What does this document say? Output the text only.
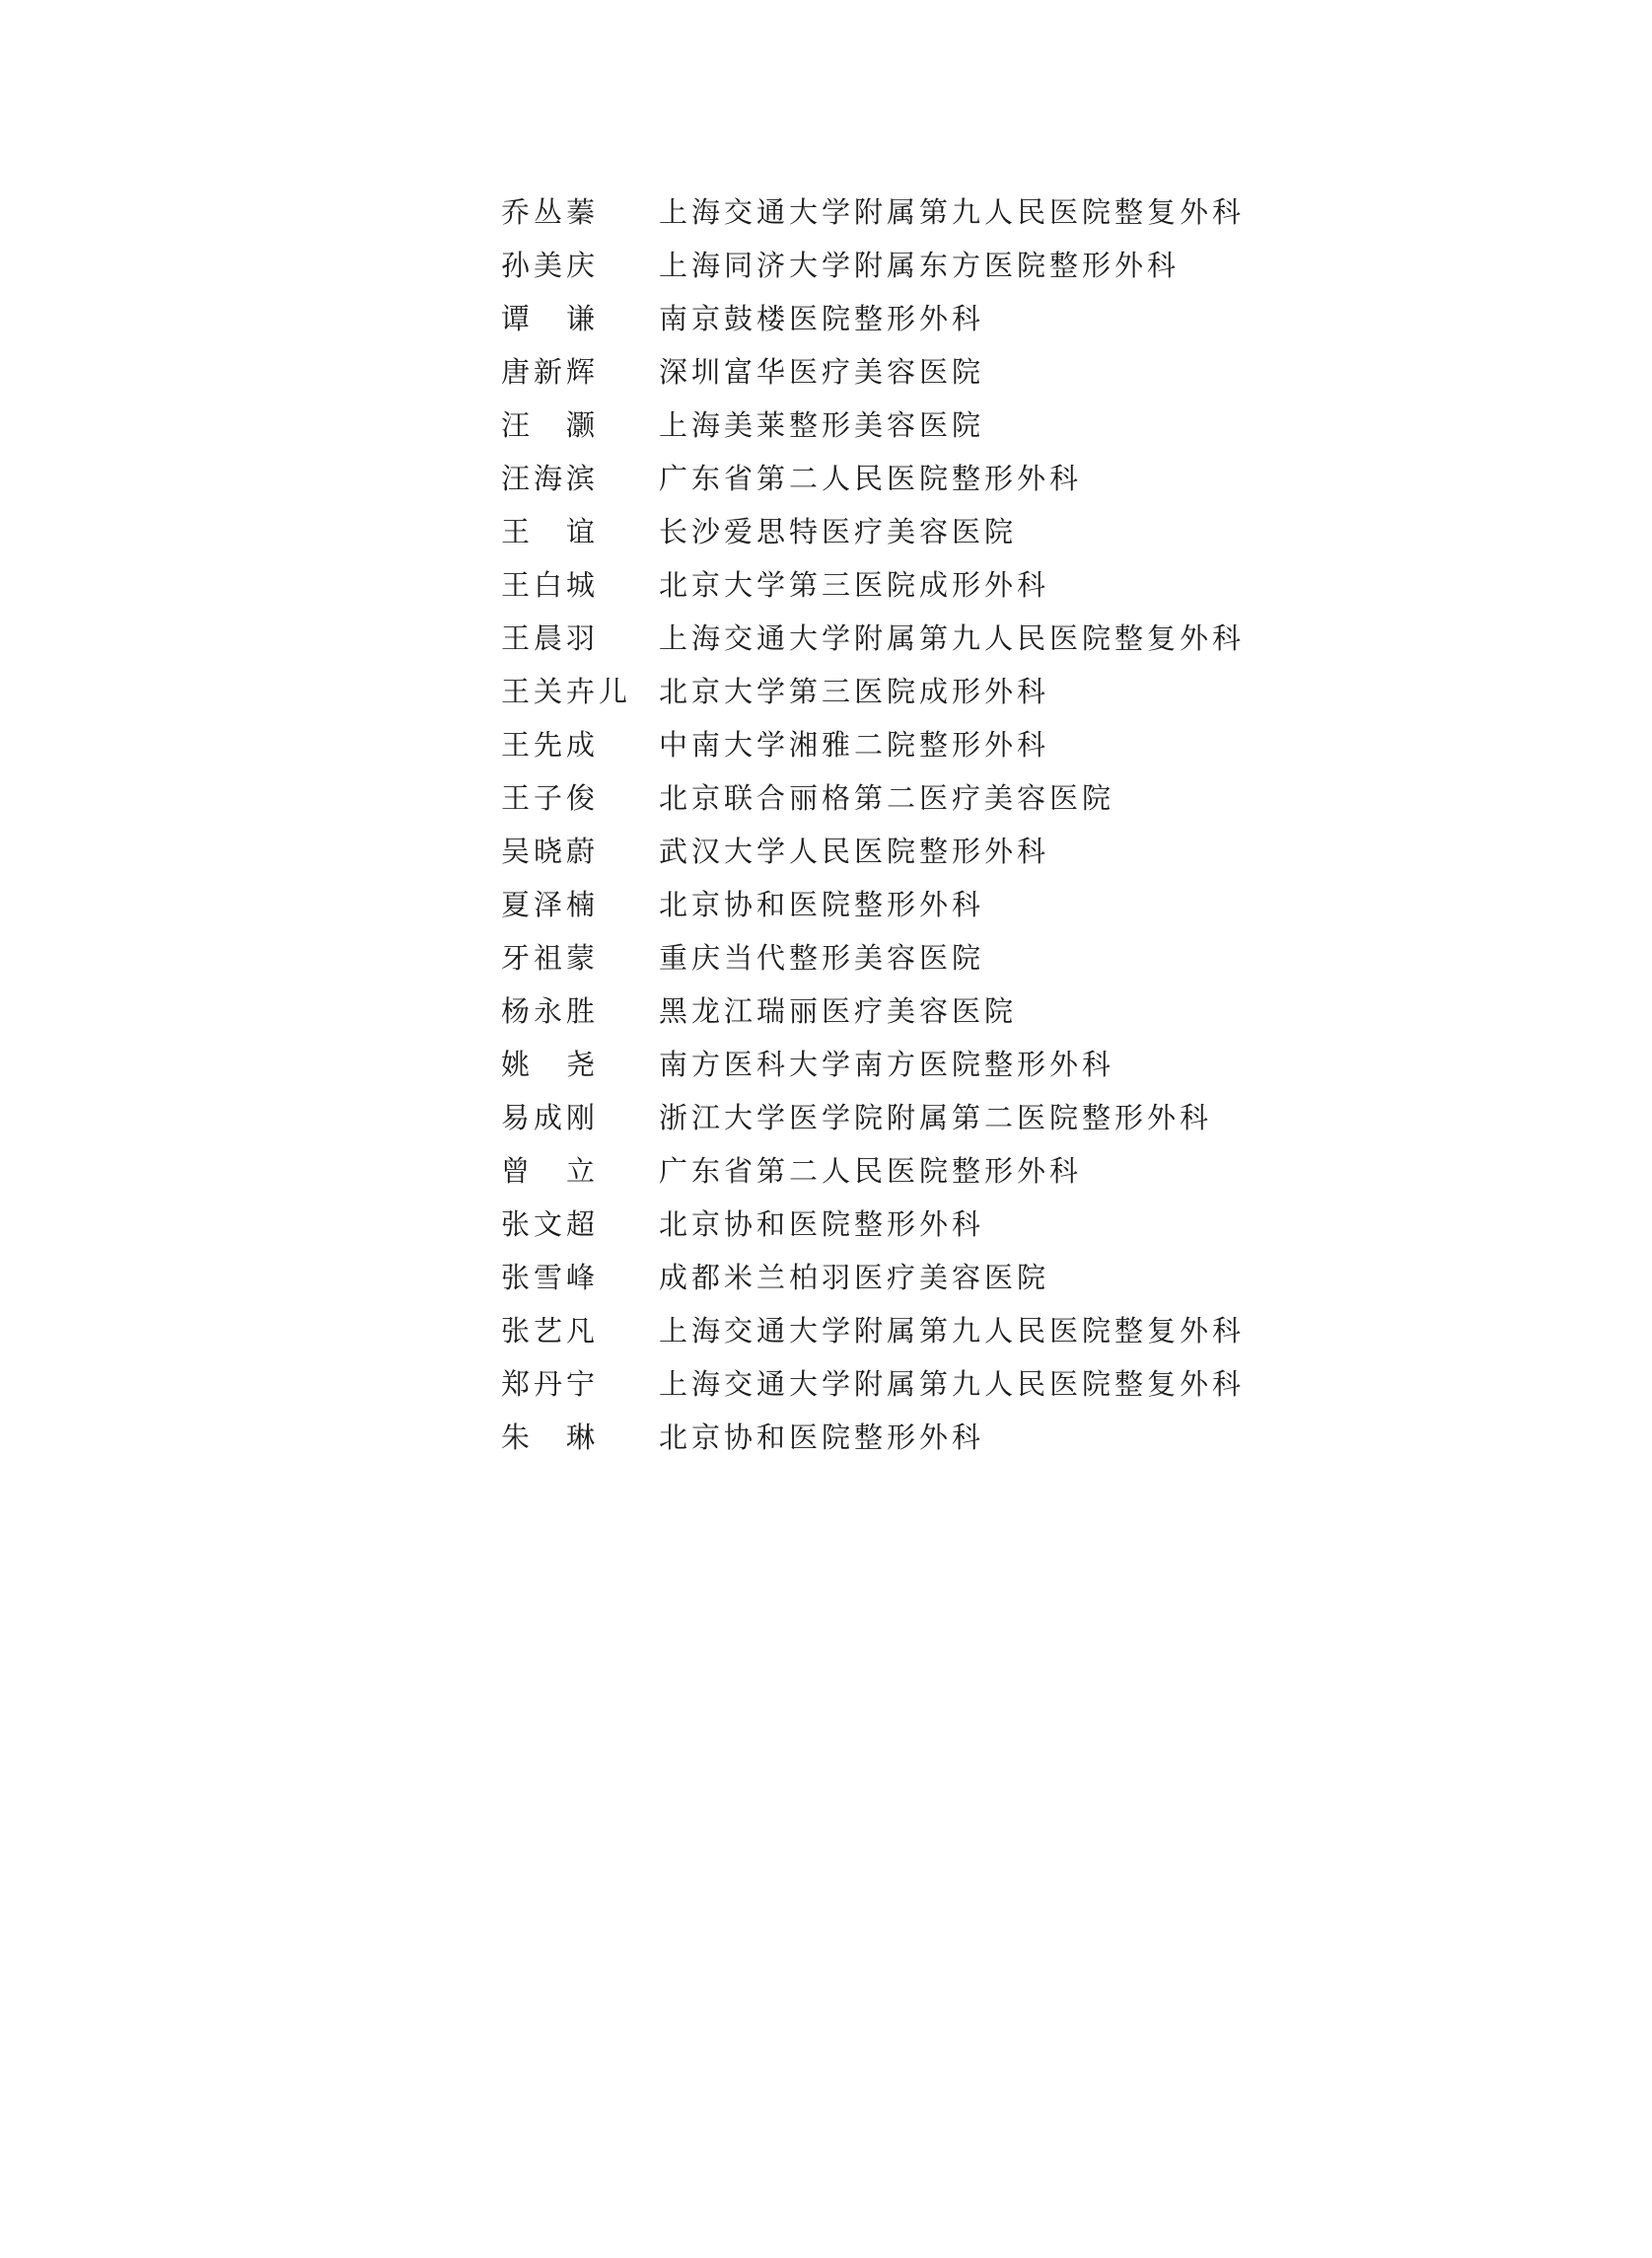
乔丛蓁	上海交通大学附属第九人民医院整复外科
孙美庆	上海同济大学附属东方医院整形外科
谭　谦	南京鼓楼医院整形外科
唐新辉	深圳富华医疗美容医院
汪　灏	上海美莱整形美容医院
汪海滨	广东省第二人民医院整形外科
王　谊	长沙爱思特医疗美容医院
王白城	北京大学第三医院成形外科
王晨羽	上海交通大学附属第九人民医院整复外科
王关卉儿 北京大学第三医院成形外科
王先成	中南大学湘雅二院整形外科
王子俊	北京联合丽格第二医疗美容医院
吴晓蔚	武汉大学人民医院整形外科
夏泽楠	北京协和医院整形外科
牙祖蒙	重庆当代整形美容医院
杨永胜	黑龙江瑞丽医疗美容医院
姚　尧	南方医科大学南方医院整形外科
易成刚	浙江大学医学院附属第二医院整形外科
曾　立	广东省第二人民医院整形外科
张文超	北京协和医院整形外科
张雪峰	成都米兰柏羽医疗美容医院
张艺凡	上海交通大学附属第九人民医院整复外科
郑丹宁	上海交通大学附属第九人民医院整复外科
朱　琳	北京协和医院整形外科
